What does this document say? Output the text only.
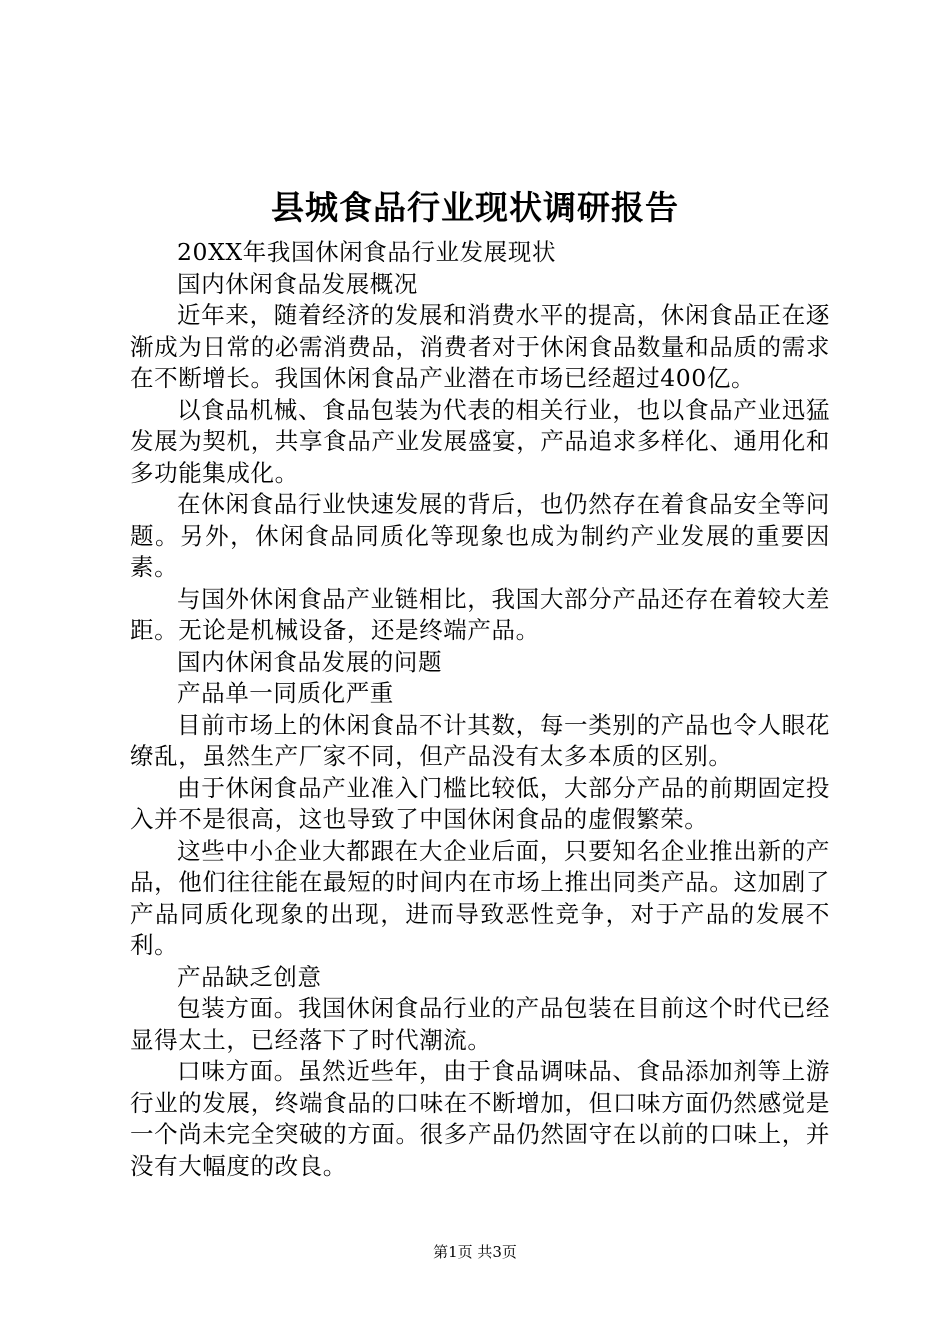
县城食品行业现状调研报告

20XX年我国休闲食品行业发展现状

国内休闲食品发展概况

近年来，随着经济的发展和消费水平的提高，休闲食品正在逐渐成为日常的必需消费品，消费者对于休闲食品数量和品质的需求在不断增长。我国休闲食品产业潜在市场已经超过400亿。

以食品机械、食品包装为代表的相关行业，也以食品产业迅猛发展为契机，共享食品产业发展盛宴，产品追求多样化、通用化和多功能集成化。

在休闲食品行业快速发展的背后，也仍然存在着食品安全等问题。另外，休闲食品同质化等现象也成为制约产业发展的重要因素。

与国外休闲食品产业链相比，我国大部分产品还存在着较大差距。无论是机械设备，还是终端产品。

国内休闲食品发展的问题

产品单一同质化严重

目前市场上的休闲食品不计其数，每一类别的产品也令人眼花缭乱，虽然生产厂家不同，但产品没有太多本质的区别。

由于休闲食品产业准入门槛比较低，大部分产品的前期固定投入并不是很高，这也导致了中国休闲食品的虚假繁荣。

这些中小企业大都跟在大企业后面，只要知名企业推出新的产品，他们往往能在最短的时间内在市场上推出同类产品。这加剧了产品同质化现象的出现，进而导致恶性竞争，对于产品的发展不利。

产品缺乏创意

包装方面。我国休闲食品行业的产品包装在目前这个时代已经显得太土，已经落下了时代潮流。

口味方面。虽然近些年，由于食品调味品、食品添加剂等上游行业的发展，终端食品的口味在不断增加，但口味方面仍然感觉是一个尚未完全突破的方面。很多产品仍然固守在以前的口味上，并没有大幅度的改良。

第1页 共3页
